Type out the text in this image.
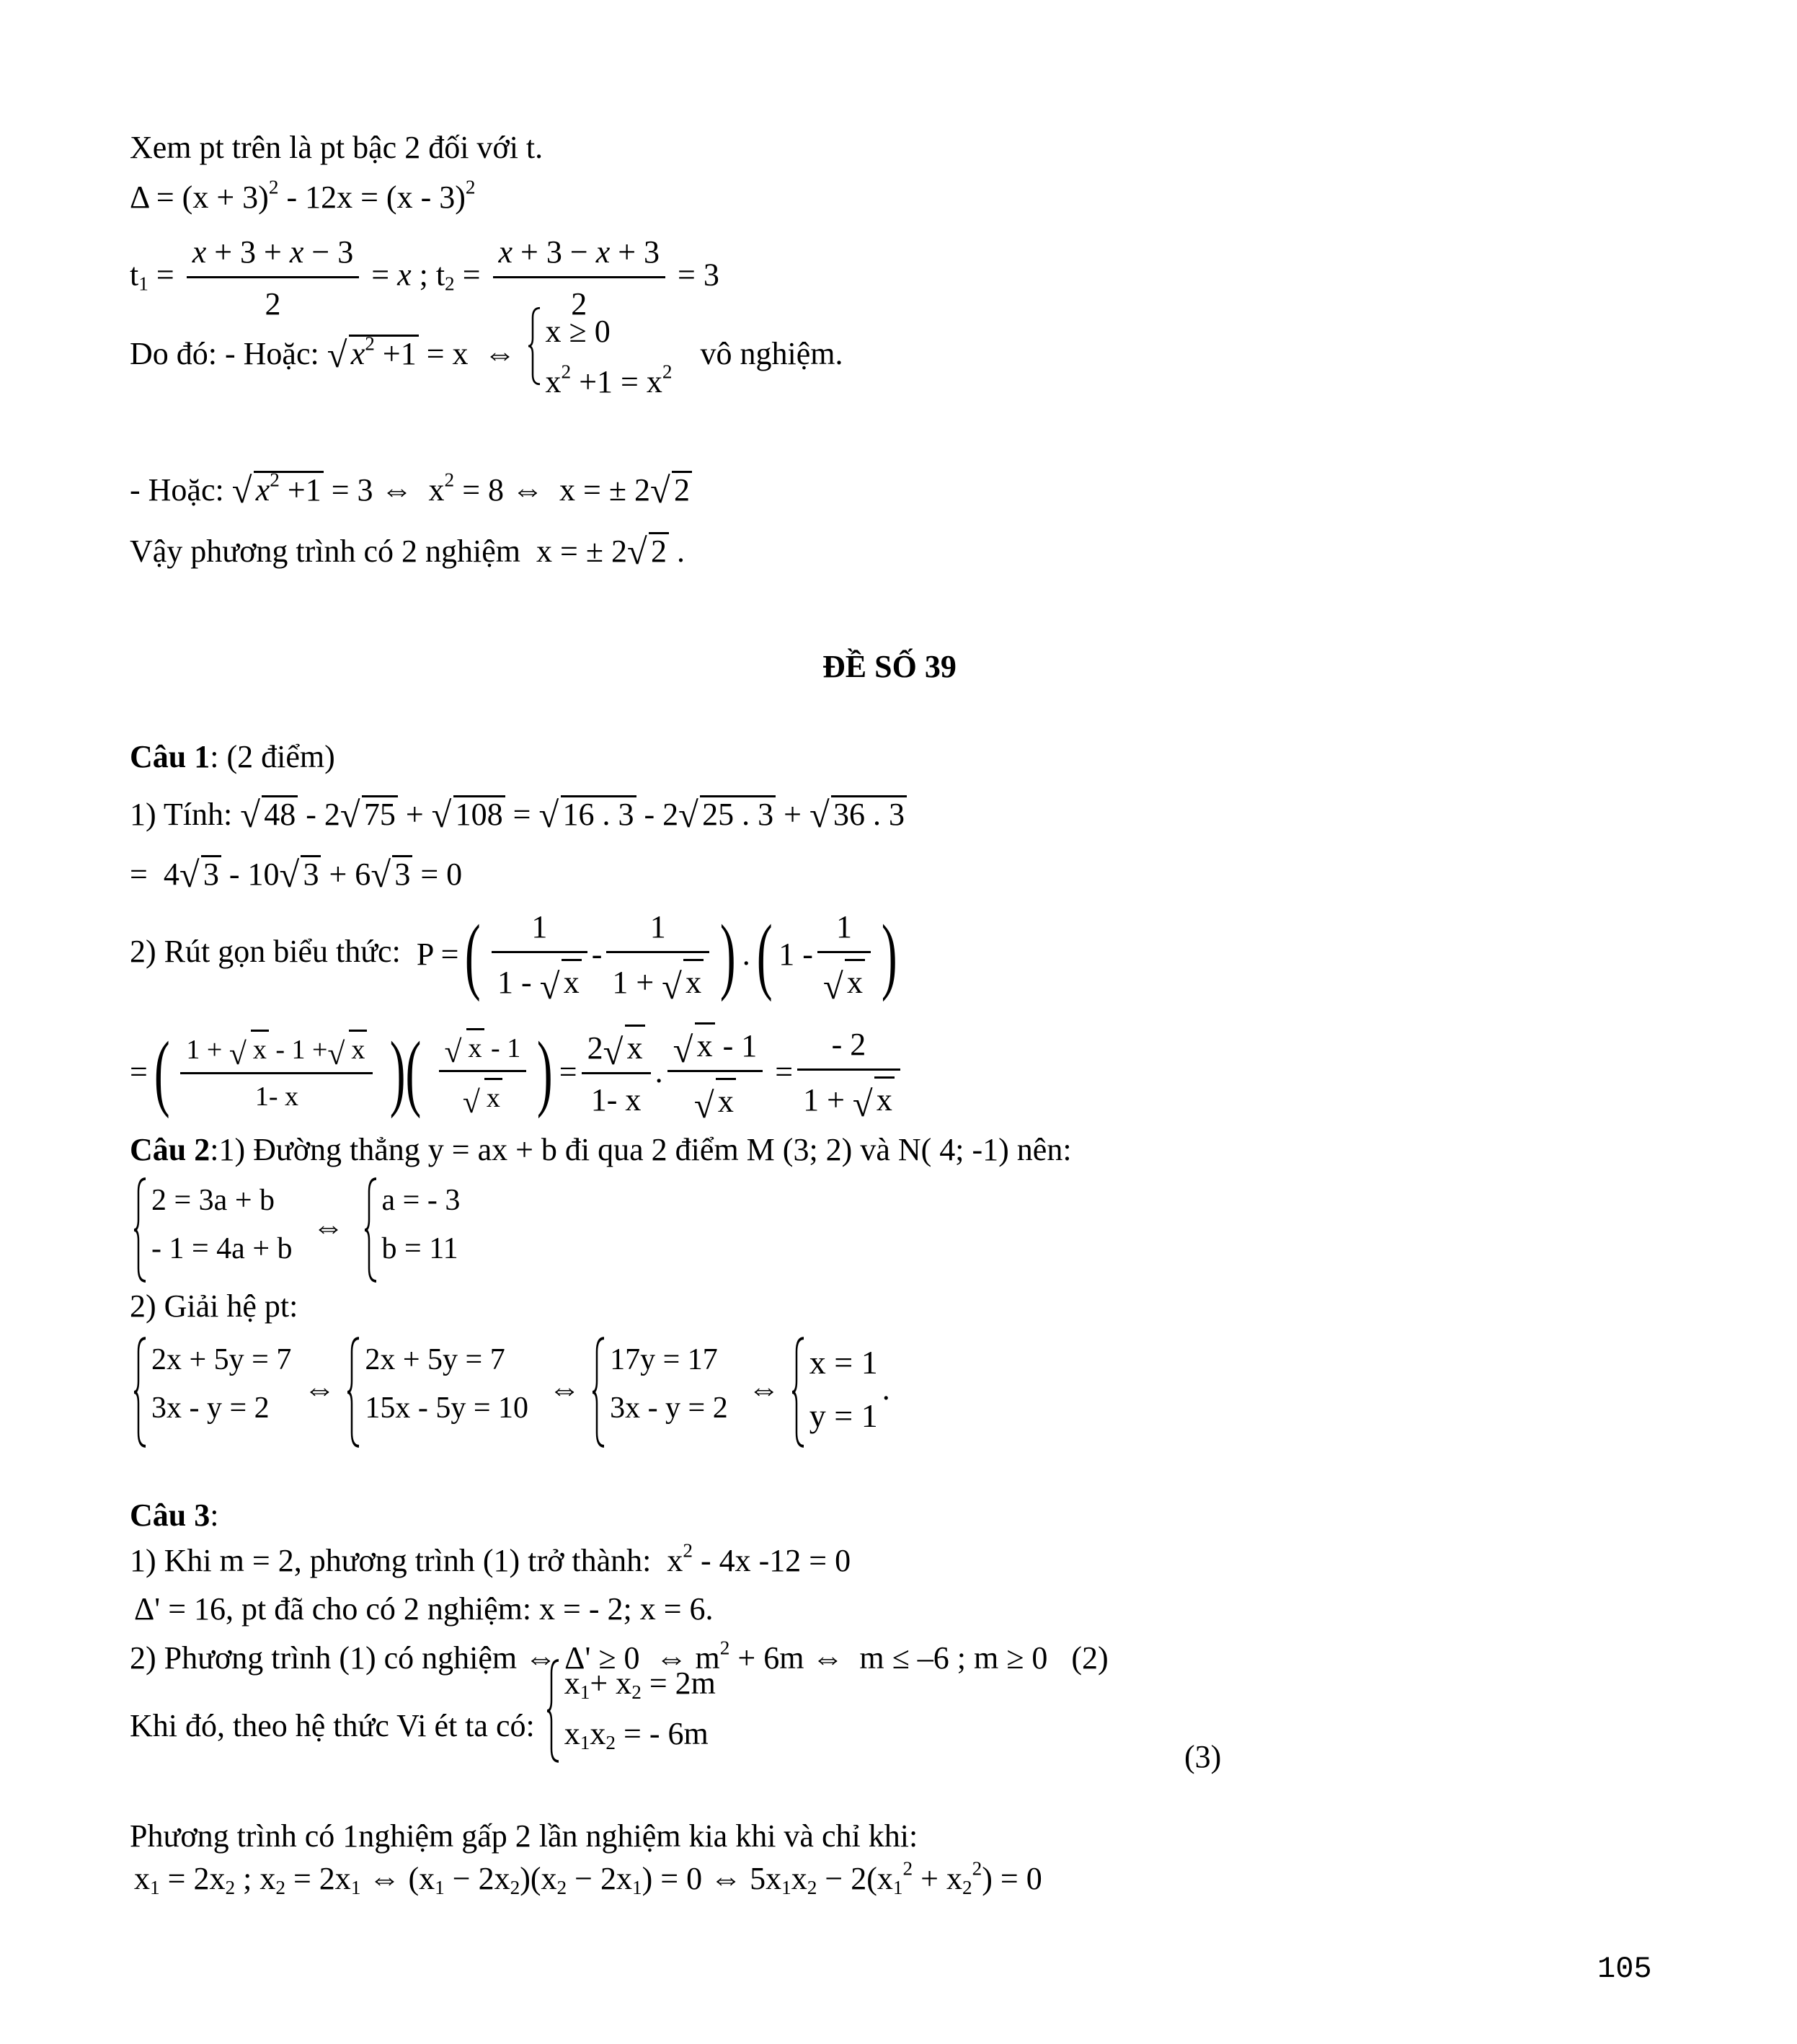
Xem pt trên là pt bậc 2 đối với t.
$\Delta = (x + 3)^2 - 12x = (x - 3)^2$
$t_1 = \frac{x + 3 + x - 3}{2} = x$ ; $t_2 = \frac{x + 3 - x + 3}{2} = 3$
Do đó: - Hoặc: √ $x^2 +1 = x$  ⇔
x ≥ 0
$x^2 +1 = x^2$
vô nghiệm.
- Hoặc: √ $x^2 +1 = 3$ ⇔  $x^2 = 8$ ⇔  x = ± 2 √ 2
Vậy phương trình có 2 nghiệm  x = ± 2 √ 2 .
ĐỀ SỐ 39
Câu 1: (2 điểm)
1) Tính: √ 48 - 2 √ 75 + √ 108 = √ 16 . 3 - 2 √ 25 . 3 + √ 36 . 3
=  4 √ 3 - 10 √ 3 + 6 √ 3 = 0
2) Rút gọn biểu thức: P = ( $\frac{1}{1 - √ x} - \frac{1}{1 + √ x}$ ) . ( $1 - \frac{1}{√ x}$ )
= ( $\frac{1 + √ x - 1 + √ x}{1- x}$ )( $\frac{√ x - 1}{√ x}$ ) = $\frac{2 √ x}{1- x}$ . $\frac{√ x - 1}{√ x} = \frac{- 2}{1 + √ x}$
Câu 2:1) Đường thẳng y = ax + b đi qua 2 điểm M (3; 2) và N( 4; -1) nên:
2 = 3a + b
- 1 = 4a + b
⇔
a = - 3
b = 11
2) Giải hệ pt:
2x + 5y = 7
3x - y = 2
⇔
2x + 5y = 7
15x - 5y = 10
⇔
17y = 17
3x - y = 2
⇔
x = 1
y = 1
.
Câu 3:
1) Khi m = 2, phương trình (1) trở thành:  $x^2 - 4x$ -12 = 0
Δ' = 16, pt đã cho có 2 nghiệm: x = - 2; x = 6.
2) Phương trình (1) có nghiệm ⇔ Δ' ≥ 0  ⇔ $m^2 + 6m$ ⇔  m ≤ –6 ; m ≥ 0   (2)
Khi đó, theo hệ thức Vi ét ta có:
$x_1+ x_2 = 2m$
$x_1x_2$ = - 6m
(3)
Phương trình có 1nghiệm gấp 2 lần nghiệm kia khi và chỉ khi:
$x_1 = 2x_2$ ; $x_2 = 2x_1$ ⇔ $(x_1 - 2x_2)(x_2 - 2x_1) = 0$ ⇔ $5x_1x_2 - 2(x_1^2 + x_2^2) = 0$
105
